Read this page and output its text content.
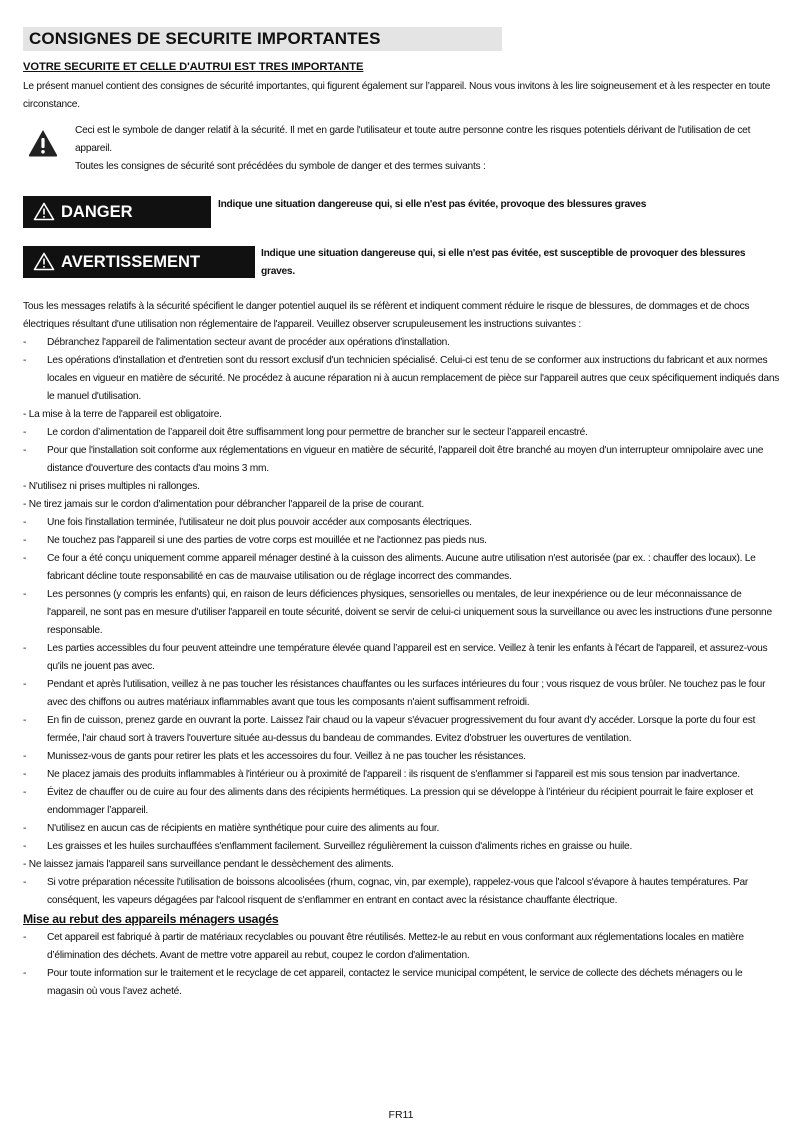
CONSIGNES DE SECURITE IMPORTANTES
VOTRE SECURITE ET CELLE D'AUTRUI EST TRES IMPORTANTE
Le présent manuel contient des consignes de sécurité importantes, qui figurent également sur l’appareil. Nous vous invitons à les lire soigneusement et à les respecter en toute circonstance.

Ceci est le symbole de danger relatif à la sécurité. Il met en garde l'utilisateur et toute autre personne contre les risques potentiels dérivant de l'utilisation de cet appareil.

Toutes les consignes de sécurité sont précédées du symbole de danger et des termes suivants :

DANGER	Indique une situation dangereuse qui, si elle n'est pas évitée, provoque des blessures graves
AVERTISSEMENT	Indique une situation dangereuse qui, si elle n'est pas évitée, est susceptible de provoquer des blessures graves.

Tous les messages relatifs à la sécurité spécifient le danger potentiel auquel ils se réfèrent et indiquent comment réduire le risque de blessures, de dommages et de chocs électriques résultant d'une utilisation non réglementaire de l'appareil. Veuillez observer scrupuleusement les instructions suivantes :

- Débranchez l'appareil de l'alimentation secteur avant de procéder aux opérations d'installation.
- Les opérations d'installation et d'entretien sont du ressort exclusif d'un technicien spécialisé. Celui-ci est tenu de se conformer aux instructions du fabricant et aux normes locales en vigueur en matière de sécurité. Ne procédez à aucune réparation ni à aucun remplacement de pièce sur l'appareil autres que ceux spécifiquement indiqués dans le manuel d'utilisation.

- La mise à la terre de l'appareil est obligatoire.

- Le cordon d’alimentation de l’appareil doit être suffisamment long pour permettre de brancher sur le secteur l’appareil encastré.
- Pour que l'installation soit conforme aux réglementations en vigueur en matière de sécurité, l'appareil doit être branché au moyen d'un interrupteur omnipolaire avec une distance d'ouverture des contacts d'au moins 3 mm.

- N'utilisez ni prises multiples ni rallonges.

- Ne tirez jamais sur le cordon d'alimentation pour débrancher l'appareil de la prise de courant.

- Une fois l'installation terminée, l'utilisateur ne doit plus pouvoir accéder aux composants électriques.
- Ne touchez pas l'appareil si une des parties de votre corps est mouillée et ne l'actionnez pas pieds nus.
- Ce four a été conçu uniquement comme appareil ménager destiné à la cuisson des aliments. Aucune autre utilisation n'est autorisée (par ex. : chauffer des locaux). Le fabricant décline toute responsabilité en cas de mauvaise utilisation ou de réglage incorrect des commandes.
- Les personnes (y compris les enfants) qui, en raison de leurs déficiences physiques, sensorielles ou mentales, de leur inexpérience ou de leur méconnaissance de l'appareil, ne sont pas en mesure d'utiliser l'appareil en toute sécurité, doivent se servir de celui-ci uniquement sous la surveillance ou avec les instructions d'une personne responsable.
- Les parties accessibles du four peuvent atteindre une température élevée quand l’appareil est en service. Veillez à tenir les enfants à l'écart de l'appareil, et assurez-vous qu'ils ne jouent pas avec.
- Pendant et après l'utilisation, veillez à ne pas toucher les résistances chauffantes ou les surfaces intérieures du four ; vous risquez de vous brûler. Ne touchez pas le four avec des chiffons ou autres matériaux inflammables avant que tous les composants n'aient suffisamment refroidi.
- En fin de cuisson, prenez garde en ouvrant la porte. Laissez l'air chaud ou la vapeur s'évacuer progressivement du four avant d'y accéder. Lorsque la porte du four est fermée, l'air chaud sort à travers l'ouverture située au-dessus du bandeau de commandes. Evitez d'obstruer les ouvertures de ventilation.
- Munissez-vous de gants pour retirer les plats et les accessoires du four. Veillez à ne pas toucher les résistances.
- Ne placez jamais des produits inflammables à l'intérieur ou à proximité de l'appareil : ils risquent de s'enflammer si l'appareil est mis sous tension par inadvertance.
- Évitez de chauffer ou de cuire au four des aliments dans des récipients hermétiques. La pression qui se développe à l’intérieur du récipient pourrait le faire exploser et endommager l’appareil.
- N'utilisez en aucun cas de récipients en matière synthétique pour cuire des aliments au four.
- Les graisses et les huiles surchauffées s'enflamment facilement. Surveillez régulièrement la cuisson d'aliments riches en graisse ou huile.

- Ne laissez jamais l'appareil sans surveillance pendant le dessèchement des aliments.

- Si votre préparation nécessite l'utilisation de boissons alcoolisées (rhum, cognac, vin, par exemple), rappelez-vous que l'alcool s'évapore à hautes températures. Par conséquent, les vapeurs dégagées par l'alcool risquent de s'enflammer en entrant en contact avec la résistance chauffante électrique.

Mise au rebut des appareils ménagers usagés

- Cet appareil est fabriqué à partir de matériaux recyclables ou pouvant être réutilisés. Mettez-le au rebut en vous conformant aux réglementations locales en matière d’élimination des déchets. Avant de mettre votre appareil au rebut, coupez le cordon d'alimentation.
- Pour toute information sur le traitement et le recyclage de cet appareil, contactez le service municipal compétent, le service de collecte des déchets ménagers ou le magasin où vous l’avez acheté.
FR11
